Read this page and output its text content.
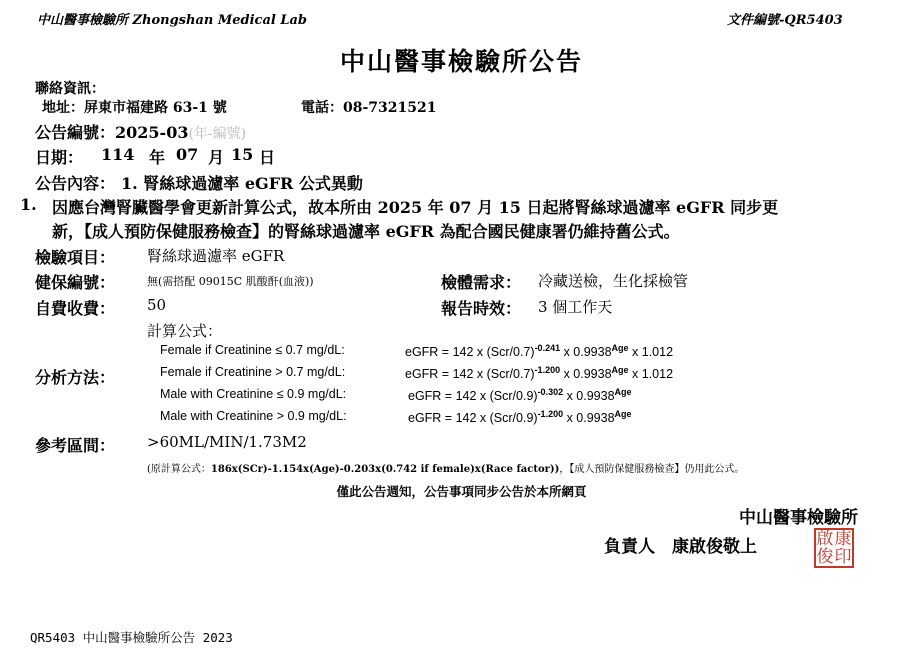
中山醫事檢驗所 Zhongshan Medical Lab	文件編號-QR5403
中山醫事檢驗所公告
聯絡資訊：
地址：屏東市福建路 63-1 號	電話：08-7321521
公告編號：2025-03(年-編號)
日期： 114 年 07 月 15 日
公告內容： 1. 腎絲球過濾率 eGFR 公式異動
1. 因應台灣腎臟醫學會更新計算公式，故本所由 2025 年 07 月 15 日起將腎絲球過濾率 eGFR 同步更
新，【成人預防保健服務檢查】的腎絲球過濾率 eGFR 為配合國民健康署仍維持舊公式。
檢驗項目： 腎絲球過濾率 eGFR
健保編號：	無(需搭配 09015C 肌酸酐(血液))	檢體需求： 冷藏送檢，生化採檢管
自費收費： 50	報告時效： 3 個工作天
計算公式：
分析方法：
Female if Creatinine ≤ 0.7 mg/dL:	eGFR = 142 x $(Scr/0.7)^{-0.241}$ x $0.9938^{Age}$ x 1.012
Female if Creatinine > 0.7 mg/dL:	eGFR = 142 x $(Scr/0.7)^{-1.200}$ x $0.9938^{Age}$ x 1.012
Male with Creatinine ≤ 0.9 mg/dL:	eGFR = 142 x $(Scr/0.9)^{-0.302}$ x $0.9938^{Age}$
Male with Creatinine > 0.9 mg/dL:	eGFR = 142 x $(Scr/0.9)^{-1.200}$ x $0.9938^{Age}$
參考區間： >60ML/MIN/1.73M2
(原計算公式：186x(SCr)-1.154x(Age)-0.203x(0.742 if female)x(Race factor))，【成人預防保健服務檢查】仍用此公式。
僅此公告週知，公告事項同步公告於本所網頁
中山醫事檢驗所
負責人　康啟俊敬上	啟 康
俊 印
QR5403 中山醫事檢驗所公告 2023
